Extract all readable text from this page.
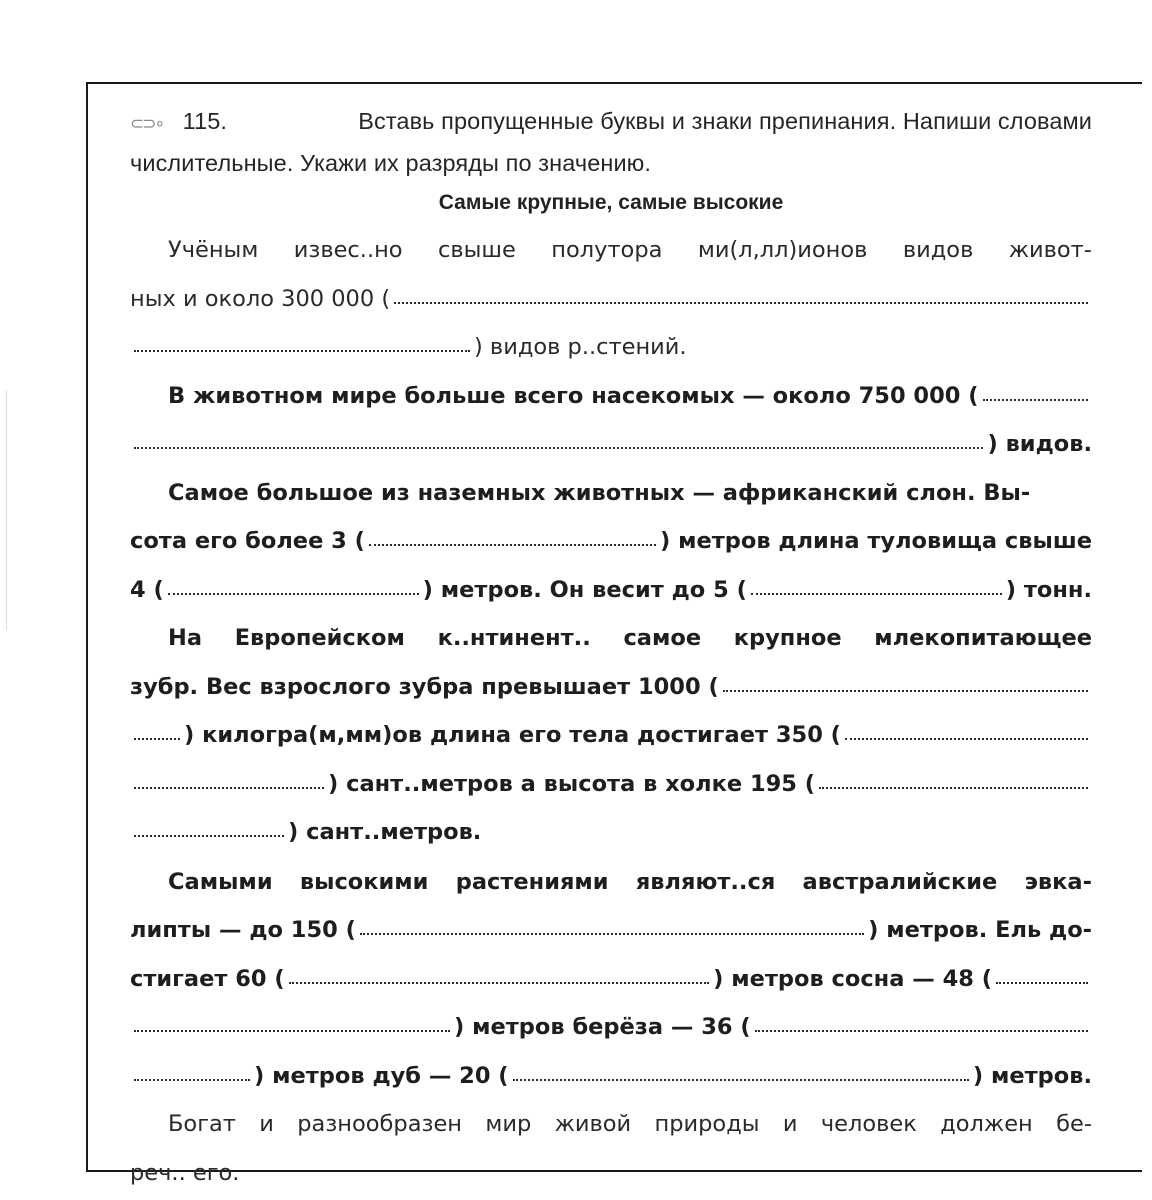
⊂⊃∘ 115.	Вставь пропущенные буквы и знаки препинания. Напиши словами
числительные. Укажи их разряды по значению.
Самые крупные, самые высокие
Учёным извес..но свыше полутора ми(л,лл)ионов видов живот-
ных и около 300 000 (
) видов р..стений.
В животном мире больше всего насекомых — около 750 000 (
) видов.
Самое большое из наземных животных — африканский слон. Вы-
сота его более 3 (	) метров длина туловища свыше
4 (	) метров. Он весит до 5 (	) тонн.
На Европейском к..нтинент.. самое крупное млекопитающее
зубр. Вес взрослого зубра превышает 1000 (
) килогра(м,мм)ов длина его тела достигает 350 (
) сант..метров а высота в холке 195 (
) сант..метров.
Самыми высокими растениями являют..ся австралийские эвка-
липты — до 150 (	) метров. Ель до-
стигает 60 (	) метров сосна — 48 (
) метров берёза — 36 (
) метров дуб — 20 (	) метров.
Богат и разнообразен мир живой природы и человек должен бе-
реч.. его.
